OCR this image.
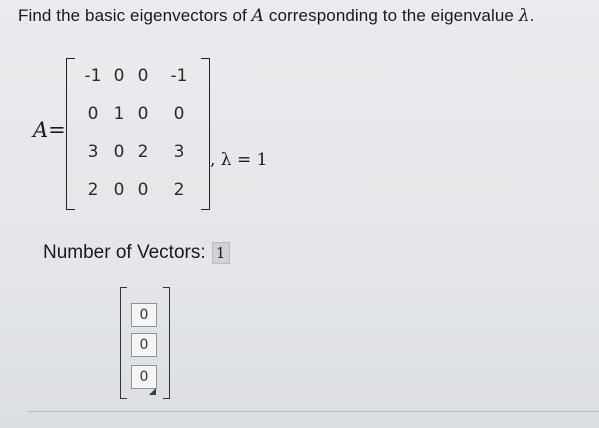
Find the basic eigenvectors of A corresponding to the eigenvalue λ.
A=
-1 0 0	-1
0 1 0	0
3 0 2	3
2 0 0	2
, λ = 1
Number of Vectors: 1
0
0
0
